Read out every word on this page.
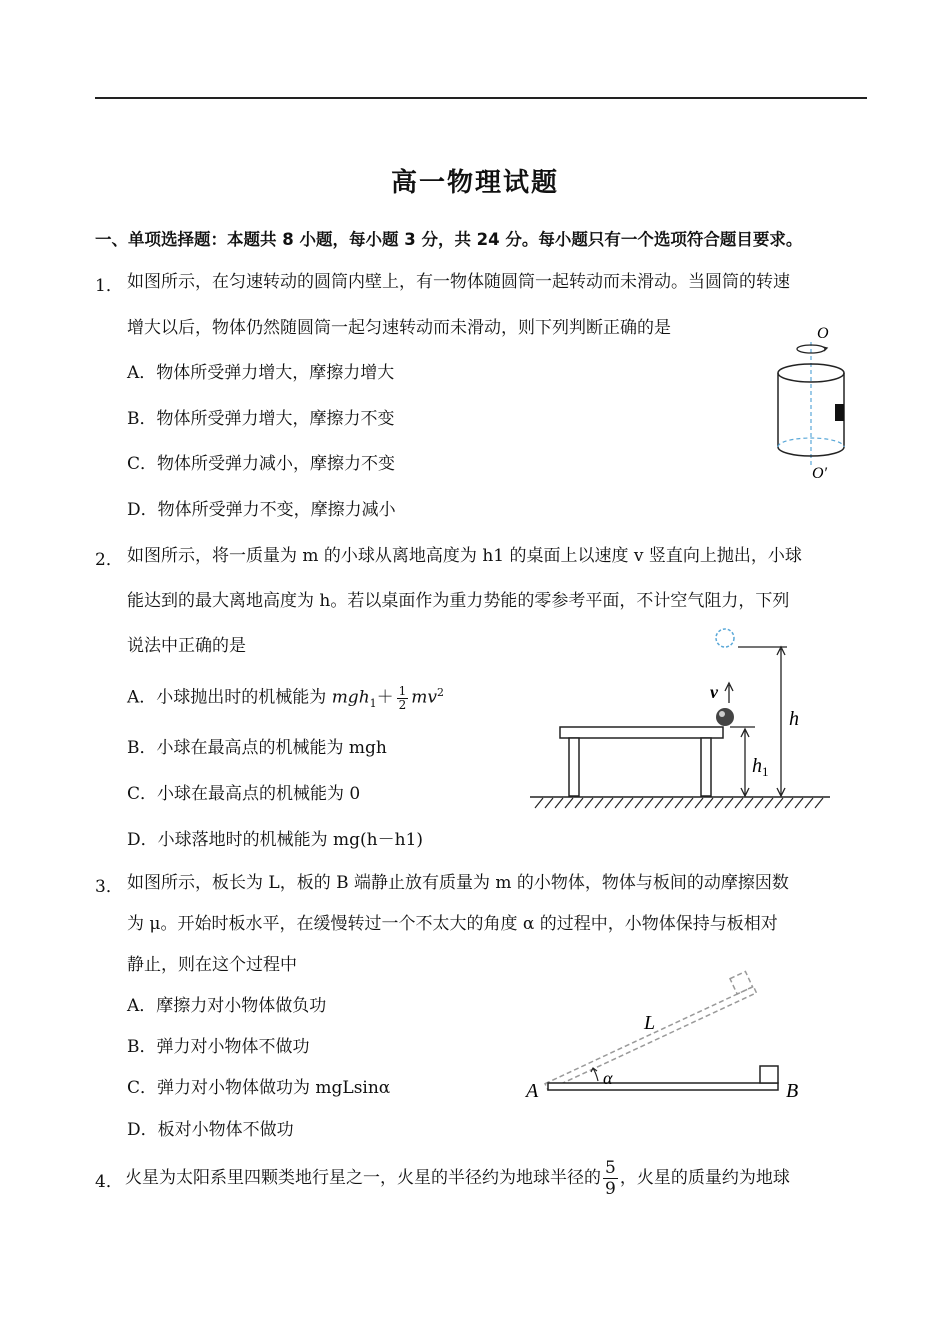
高一物理试题
一、单项选择题：本题共 8 小题，每小题 3 分，共 24 分。每小题只有一个选项符合题目要求。
1． 如图所示，在匀速转动的圆筒内壁上，有一物体随圆筒一起转动而未滑动。当圆筒的转速
增大以后，物体仍然随圆筒一起匀速转动而未滑动，则下列判断正确的是
A．物体所受弹力增大，摩擦力增大
B．物体所受弹力增大，摩擦力不变
C．物体所受弹力减小，摩擦力不变
D．物体所受弹力不变，摩擦力减小
O
O′
2． 如图所示，将一质量为 m 的小球从离地高度为 h1 的桌面上以速度 v 竖直向上抛出，小球
能达到的最大离地高度为 h。若以桌面作为重力势能的零参考平面，不计空气阻力，下列
说法中正确的是
A．小球抛出时的机械能为 $mgh_1+ \frac{1}{2} mv^2$
B．小球在最高点的机械能为 mgh
C．小球在最高点的机械能为 0
D．小球落地时的机械能为 mg(h－h1)
h
v
$h_1$
3． 如图所示，板长为 L，板的 B 端静止放有质量为 m 的小物体，物体与板间的动摩擦因数
为 μ。开始时板水平，在缓慢转过一个不太大的角度 α 的过程中，小物体保持与板相对
静止，则在这个过程中
A．摩擦力对小物体做负功
B．弹力对小物体不做功
C．弹力对小物体做功为 mgLsinα
D．板对小物体不做功
α
L
A	B
4． 火星为太阳系里四颗类地行星之一，火星的半径约为地球半径的 $\frac{5}{9}$ ，火星的质量约为地球
